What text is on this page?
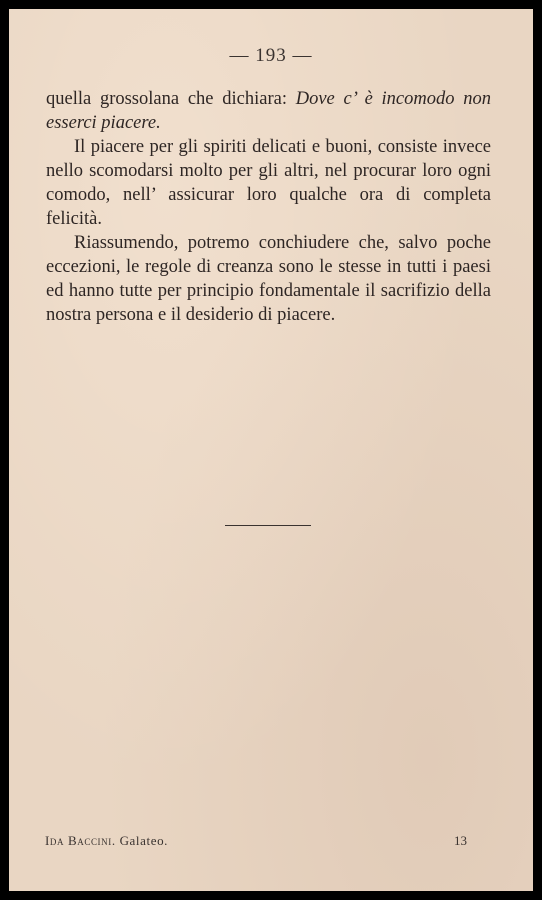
— 193 —

quella grossolana che dichiara: Dove c’ è incomodo non esserci piacere.

Il piacere per gli spiriti delicati e buoni, consiste invece nello scomodarsi molto per gli altri, nel procurar loro ogni comodo, nell’ assicurar loro qualche ora di completa felicità.

Riassumendo, potremo conchiudere che, salvo poche eccezioni, le regole di creanza sono le stesse in tutti i paesi ed hanno tutte per principio fondamentale il sacrifizio della nostra persona e il desiderio di piacere.

Ida Baccini. Galateo.	13
